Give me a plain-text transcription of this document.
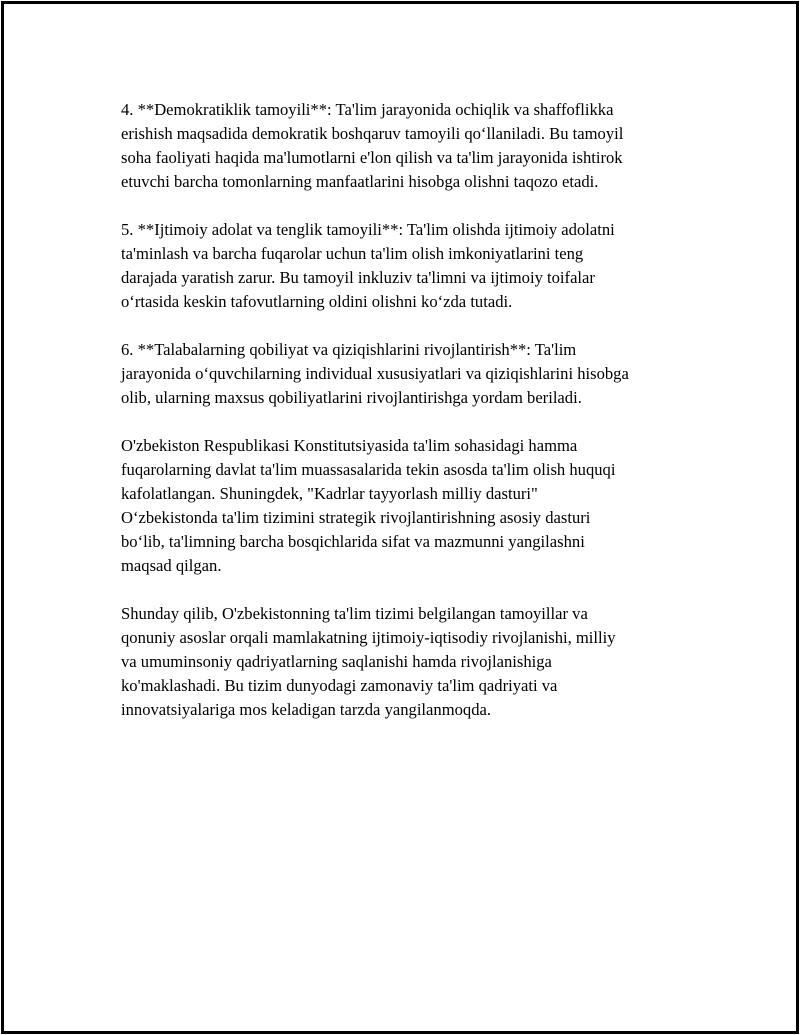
4. **Demokratiklik tamoyili**: Ta'lim jarayonida ochiqlik va shaffoflikka
erishish maqsadida demokratik boshqaruv tamoyili qo‘llaniladi. Bu tamoyil
soha faoliyati haqida ma'lumotlarni e'lon qilish va ta'lim jarayonida ishtirok
etuvchi barcha tomonlarning manfaatlarini hisobga olishni taqozo etadi.

5. **Ijtimoiy adolat va tenglik tamoyili**: Ta'lim olishda ijtimoiy adolatni
ta'minlash va barcha fuqarolar uchun ta'lim olish imkoniyatlarini teng
darajada yaratish zarur. Bu tamoyil inkluziv ta'limni va ijtimoiy toifalar
o‘rtasida keskin tafovutlarning oldini olishni ko‘zda tutadi.

6. **Talabalarning qobiliyat va qiziqishlarini rivojlantirish**: Ta'lim
jarayonida o‘quvchilarning individual xususiyatlari va qiziqishlarini hisobga
olib, ularning maxsus qobiliyatlarini rivojlantirishga yordam beriladi.

O'zbekiston Respublikasi Konstitutsiyasida ta'lim sohasidagi hamma
fuqarolarning davlat ta'lim muassasalarida tekin asosda ta'lim olish huquqi
kafolatlangan. Shuningdek, "Kadrlar tayyorlash milliy dasturi"
O‘zbekistonda ta'lim tizimini strategik rivojlantirishning asosiy dasturi
bo‘lib, ta'limning barcha bosqichlarida sifat va mazmunni yangilashni
maqsad qilgan.

Shunday qilib, O'zbekistonning ta'lim tizimi belgilangan tamoyillar va
qonuniy asoslar orqali mamlakatning ijtimoiy-iqtisodiy rivojlanishi, milliy
va umuminsoniy qadriyatlarning saqlanishi hamda rivojlanishiga
ko'maklashadi. Bu tizim dunyodagi zamonaviy ta'lim qadriyati va
innovatsiyalariga mos keladigan tarzda yangilanmoqda.
